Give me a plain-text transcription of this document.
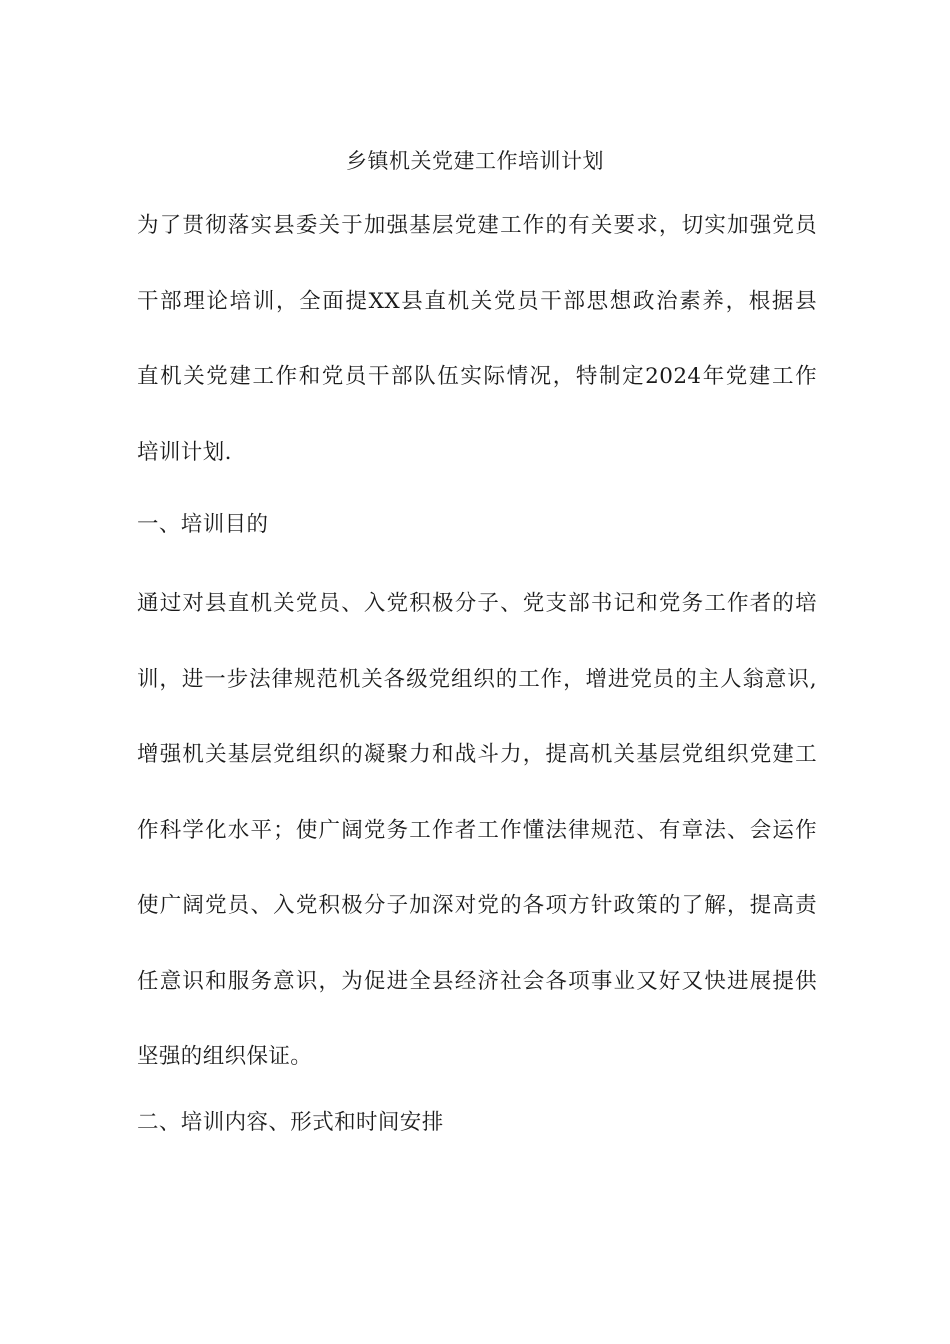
乡镇机关党建工作培训计划
为了贯彻落实县委关于加强基层党建工作的有关要求，切实加强党员
干部理论培训，全面提XX县直机关党员干部思想政治素养，根据县
直机关党建工作和党员干部队伍实际情况，特制定2024年党建工作
培训计划.
一、培训目的
通过对县直机关党员、入党积极分子、党支部书记和党务工作者的培
训，进一步法律规范机关各级党组织的工作，增进党员的主人翁意识,
增强机关基层党组织的凝聚力和战斗力，提高机关基层党组织党建工
作科学化水平；使广阔党务工作者工作懂法律规范、有章法、会运作
使广阔党员、入党积极分子加深对党的各项方针政策的了解，提高责
任意识和服务意识，为促进全县经济社会各项事业又好又快进展提供
坚强的组织保证。
二、培训内容、形式和时间安排
